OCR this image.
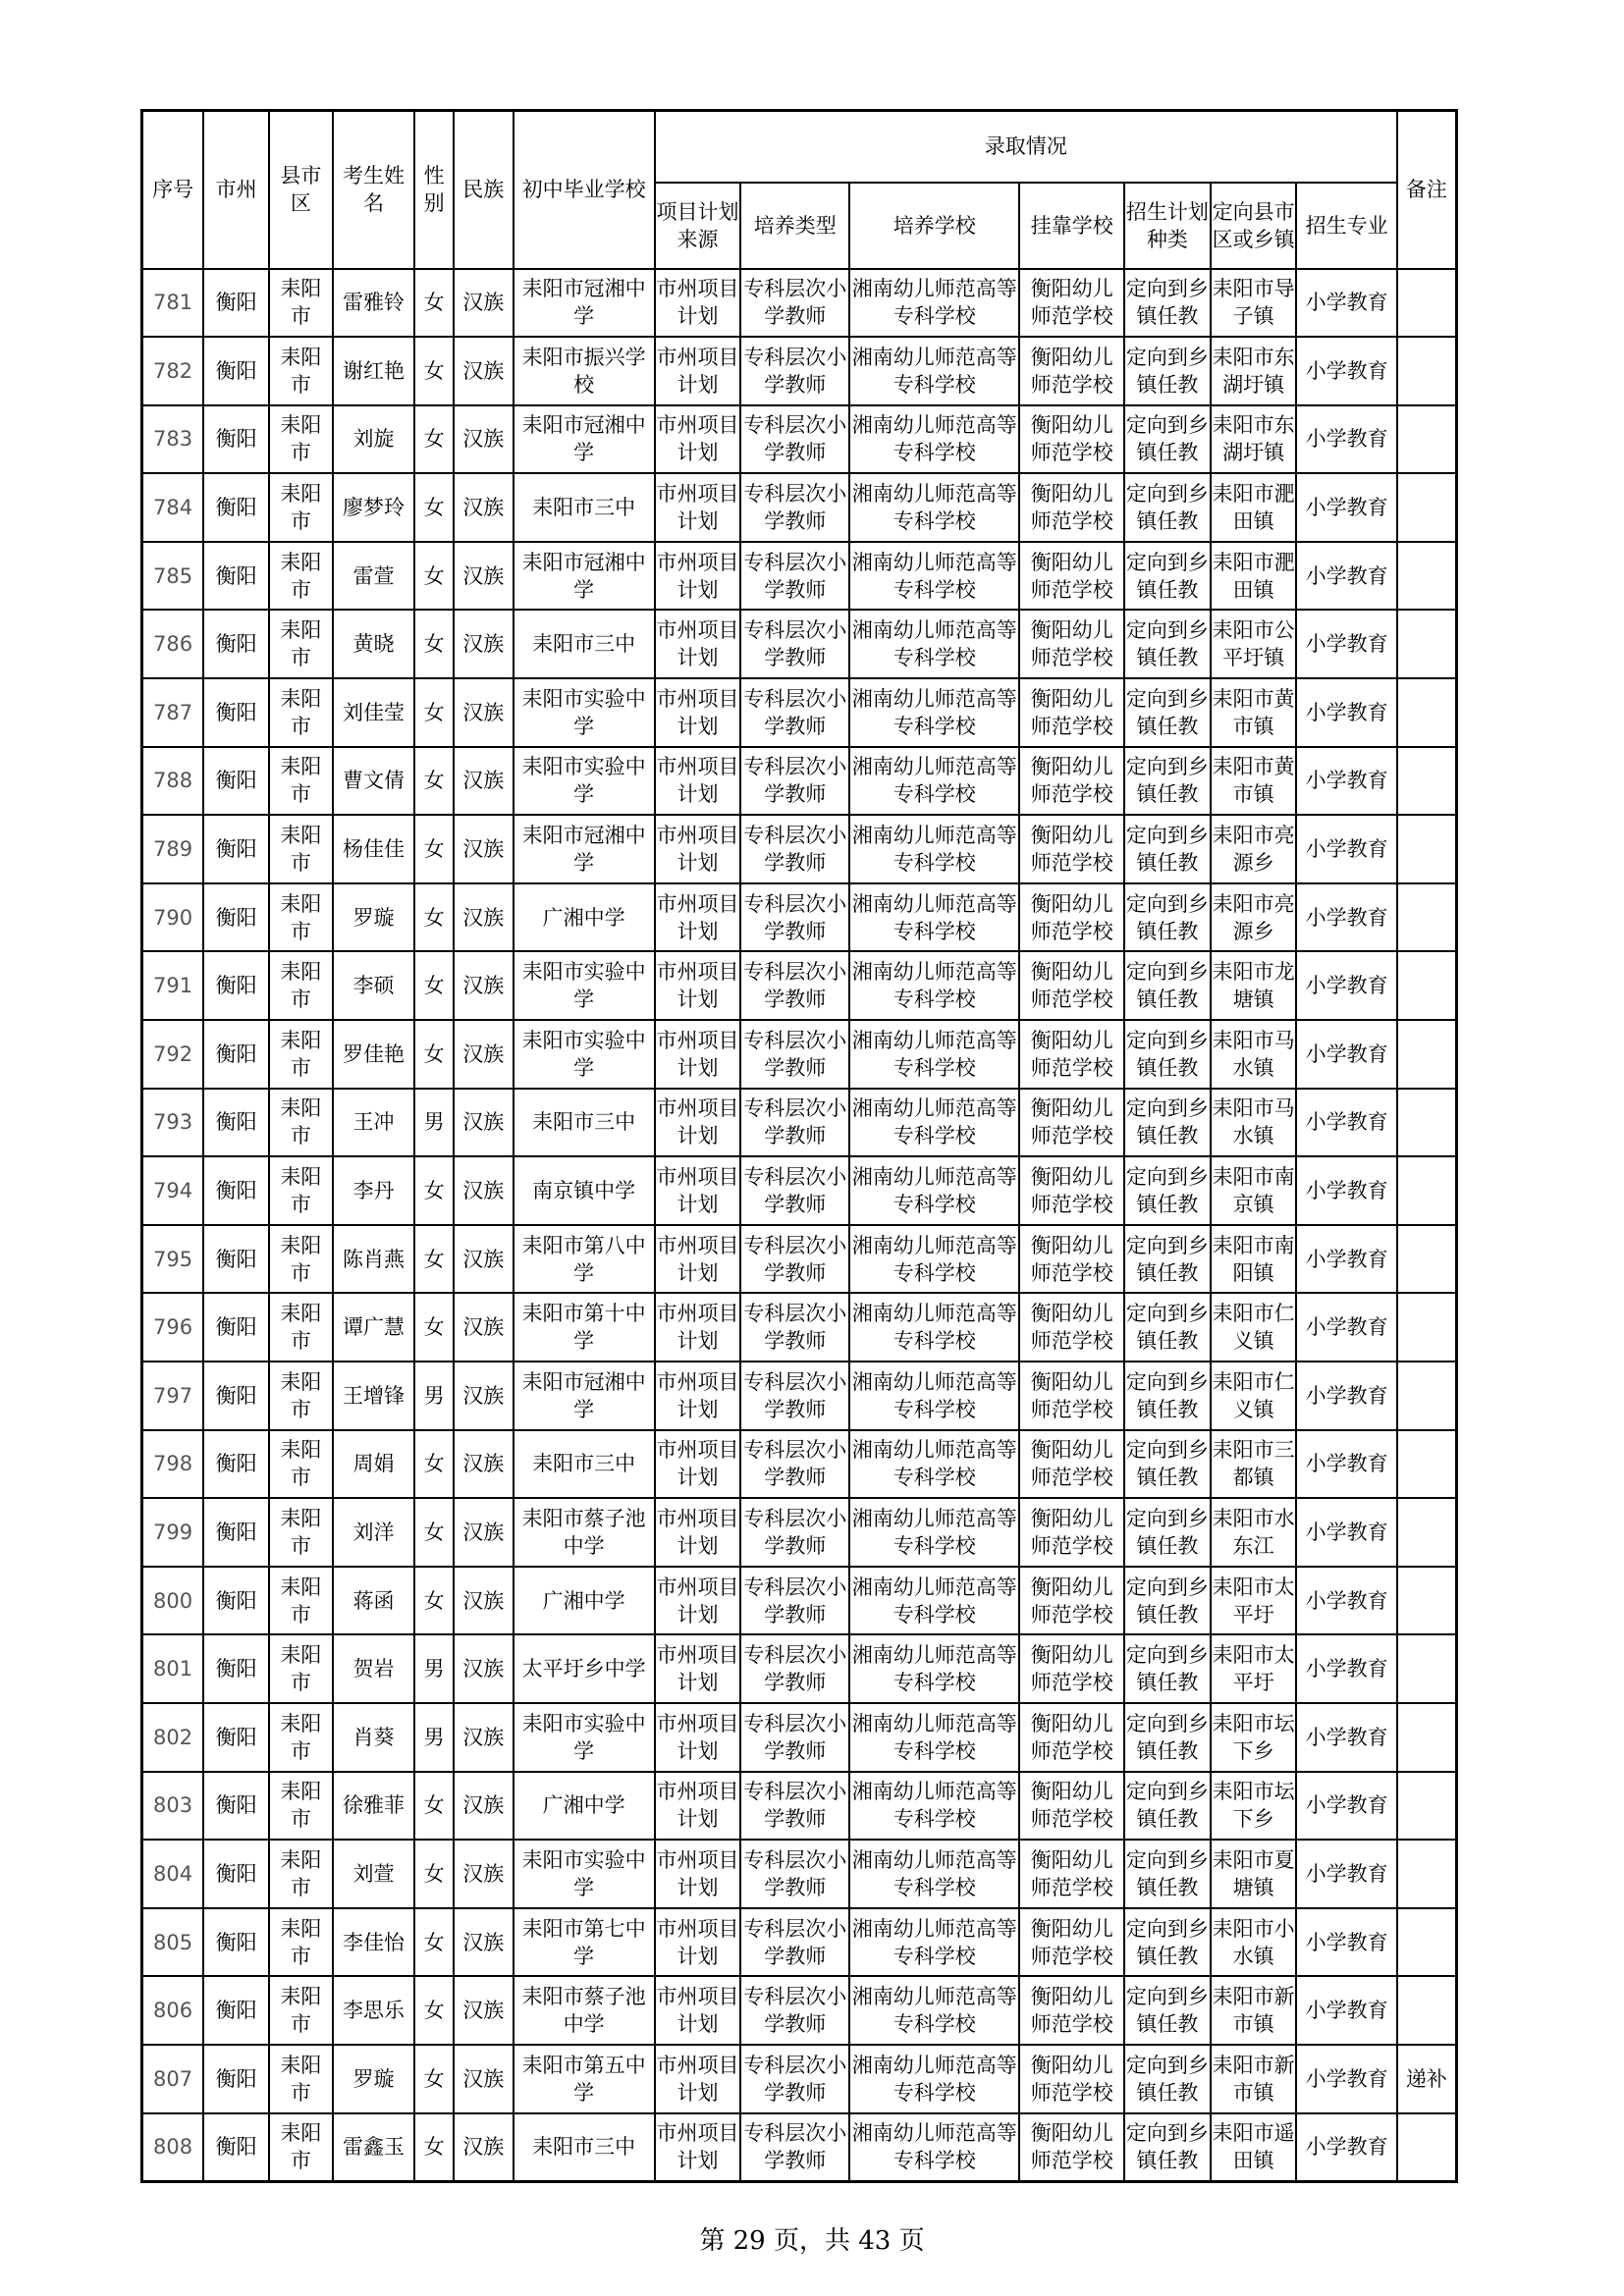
序号	市州	县市区	考生姓名	性别	民族	初中毕业学校	录取情况							备注
							项目计划来源	培养类型	培养学校	挂靠学校	招生计划种类	定向县市区或乡镇	招生专业	

781	衡阳	耒阳市	雷雅铃	女	汉族	耒阳市冠湘中学	市州项目计划	专科层次小学教师	湘南幼儿师范高等专科学校	衡阳幼儿师范学校	定向到乡镇任教	耒阳市导子镇	小学教育	

782	衡阳	耒阳市	谢红艳	女	汉族	耒阳市振兴学校	市州项目计划	专科层次小学教师	湘南幼儿师范高等专科学校	衡阳幼儿师范学校	定向到乡镇任教	耒阳市东湖圩镇	小学教育	

783	衡阳	耒阳市	刘旋	女	汉族	耒阳市冠湘中学	市州项目计划	专科层次小学教师	湘南幼儿师范高等专科学校	衡阳幼儿师范学校	定向到乡镇任教	耒阳市东湖圩镇	小学教育	

784	衡阳	耒阳市	廖梦玲	女	汉族	耒阳市三中	市州项目计划	专科层次小学教师	湘南幼儿师范高等专科学校	衡阳幼儿师范学校	定向到乡镇任教	耒阳市淝田镇	小学教育	

785	衡阳	耒阳市	雷萱	女	汉族	耒阳市冠湘中学	市州项目计划	专科层次小学教师	湘南幼儿师范高等专科学校	衡阳幼儿师范学校	定向到乡镇任教	耒阳市淝田镇	小学教育	

786	衡阳	耒阳市	黄晓	女	汉族	耒阳市三中	市州项目计划	专科层次小学教师	湘南幼儿师范高等专科学校	衡阳幼儿师范学校	定向到乡镇任教	耒阳市公平圩镇	小学教育	

787	衡阳	耒阳市	刘佳莹	女	汉族	耒阳市实验中学	市州项目计划	专科层次小学教师	湘南幼儿师范高等专科学校	衡阳幼儿师范学校	定向到乡镇任教	耒阳市黄市镇	小学教育	

788	衡阳	耒阳市	曹文倩	女	汉族	耒阳市实验中学	市州项目计划	专科层次小学教师	湘南幼儿师范高等专科学校	衡阳幼儿师范学校	定向到乡镇任教	耒阳市黄市镇	小学教育	

789	衡阳	耒阳市	杨佳佳	女	汉族	耒阳市冠湘中学	市州项目计划	专科层次小学教师	湘南幼儿师范高等专科学校	衡阳幼儿师范学校	定向到乡镇任教	耒阳市亮源乡	小学教育	

790	衡阳	耒阳市	罗璇	女	汉族	广湘中学	市州项目计划	专科层次小学教师	湘南幼儿师范高等专科学校	衡阳幼儿师范学校	定向到乡镇任教	耒阳市亮源乡	小学教育	

791	衡阳	耒阳市	李硕	女	汉族	耒阳市实验中学	市州项目计划	专科层次小学教师	湘南幼儿师范高等专科学校	衡阳幼儿师范学校	定向到乡镇任教	耒阳市龙塘镇	小学教育	

792	衡阳	耒阳市	罗佳艳	女	汉族	耒阳市实验中学	市州项目计划	专科层次小学教师	湘南幼儿师范高等专科学校	衡阳幼儿师范学校	定向到乡镇任教	耒阳市马水镇	小学教育	

793	衡阳	耒阳市	王冲	男	汉族	耒阳市三中	市州项目计划	专科层次小学教师	湘南幼儿师范高等专科学校	衡阳幼儿师范学校	定向到乡镇任教	耒阳市马水镇	小学教育	

794	衡阳	耒阳市	李丹	女	汉族	南京镇中学	市州项目计划	专科层次小学教师	湘南幼儿师范高等专科学校	衡阳幼儿师范学校	定向到乡镇任教	耒阳市南京镇	小学教育	

795	衡阳	耒阳市	陈肖燕	女	汉族	耒阳市第八中学	市州项目计划	专科层次小学教师	湘南幼儿师范高等专科学校	衡阳幼儿师范学校	定向到乡镇任教	耒阳市南阳镇	小学教育	

796	衡阳	耒阳市	谭广慧	女	汉族	耒阳市第十中学	市州项目计划	专科层次小学教师	湘南幼儿师范高等专科学校	衡阳幼儿师范学校	定向到乡镇任教	耒阳市仁义镇	小学教育	

797	衡阳	耒阳市	王增锋	男	汉族	耒阳市冠湘中学	市州项目计划	专科层次小学教师	湘南幼儿师范高等专科学校	衡阳幼儿师范学校	定向到乡镇任教	耒阳市仁义镇	小学教育	

798	衡阳	耒阳市	周娟	女	汉族	耒阳市三中	市州项目计划	专科层次小学教师	湘南幼儿师范高等专科学校	衡阳幼儿师范学校	定向到乡镇任教	耒阳市三都镇	小学教育	

799	衡阳	耒阳市	刘洋	女	汉族	耒阳市蔡子池中学	市州项目计划	专科层次小学教师	湘南幼儿师范高等专科学校	衡阳幼儿师范学校	定向到乡镇任教	耒阳市水东江	小学教育	

800	衡阳	耒阳市	蒋函	女	汉族	广湘中学	市州项目计划	专科层次小学教师	湘南幼儿师范高等专科学校	衡阳幼儿师范学校	定向到乡镇任教	耒阳市太平圩	小学教育	

801	衡阳	耒阳市	贺岩	男	汉族	太平圩乡中学	市州项目计划	专科层次小学教师	湘南幼儿师范高等专科学校	衡阳幼儿师范学校	定向到乡镇任教	耒阳市太平圩	小学教育	

802	衡阳	耒阳市	肖葵	男	汉族	耒阳市实验中学	市州项目计划	专科层次小学教师	湘南幼儿师范高等专科学校	衡阳幼儿师范学校	定向到乡镇任教	耒阳市坛下乡	小学教育	

803	衡阳	耒阳市	徐雅菲	女	汉族	广湘中学	市州项目计划	专科层次小学教师	湘南幼儿师范高等专科学校	衡阳幼儿师范学校	定向到乡镇任教	耒阳市坛下乡	小学教育	

804	衡阳	耒阳市	刘萱	女	汉族	耒阳市实验中学	市州项目计划	专科层次小学教师	湘南幼儿师范高等专科学校	衡阳幼儿师范学校	定向到乡镇任教	耒阳市夏塘镇	小学教育	

805	衡阳	耒阳市	李佳怡	女	汉族	耒阳市第七中学	市州项目计划	专科层次小学教师	湘南幼儿师范高等专科学校	衡阳幼儿师范学校	定向到乡镇任教	耒阳市小水镇	小学教育	

806	衡阳	耒阳市	李思乐	女	汉族	耒阳市蔡子池中学	市州项目计划	专科层次小学教师	湘南幼儿师范高等专科学校	衡阳幼儿师范学校	定向到乡镇任教	耒阳市新市镇	小学教育	

807	衡阳	耒阳市	罗璇	女	汉族	耒阳市第五中学	市州项目计划	专科层次小学教师	湘南幼儿师范高等专科学校	衡阳幼儿师范学校	定向到乡镇任教	耒阳市新市镇	小学教育	递补

808	衡阳	耒阳市	雷鑫玉	女	汉族	耒阳市三中	市州项目计划	专科层次小学教师	湘南幼儿师范高等专科学校	衡阳幼儿师范学校	定向到乡镇任教	耒阳市遥田镇	小学教育	

第 29 页，共 43 页
